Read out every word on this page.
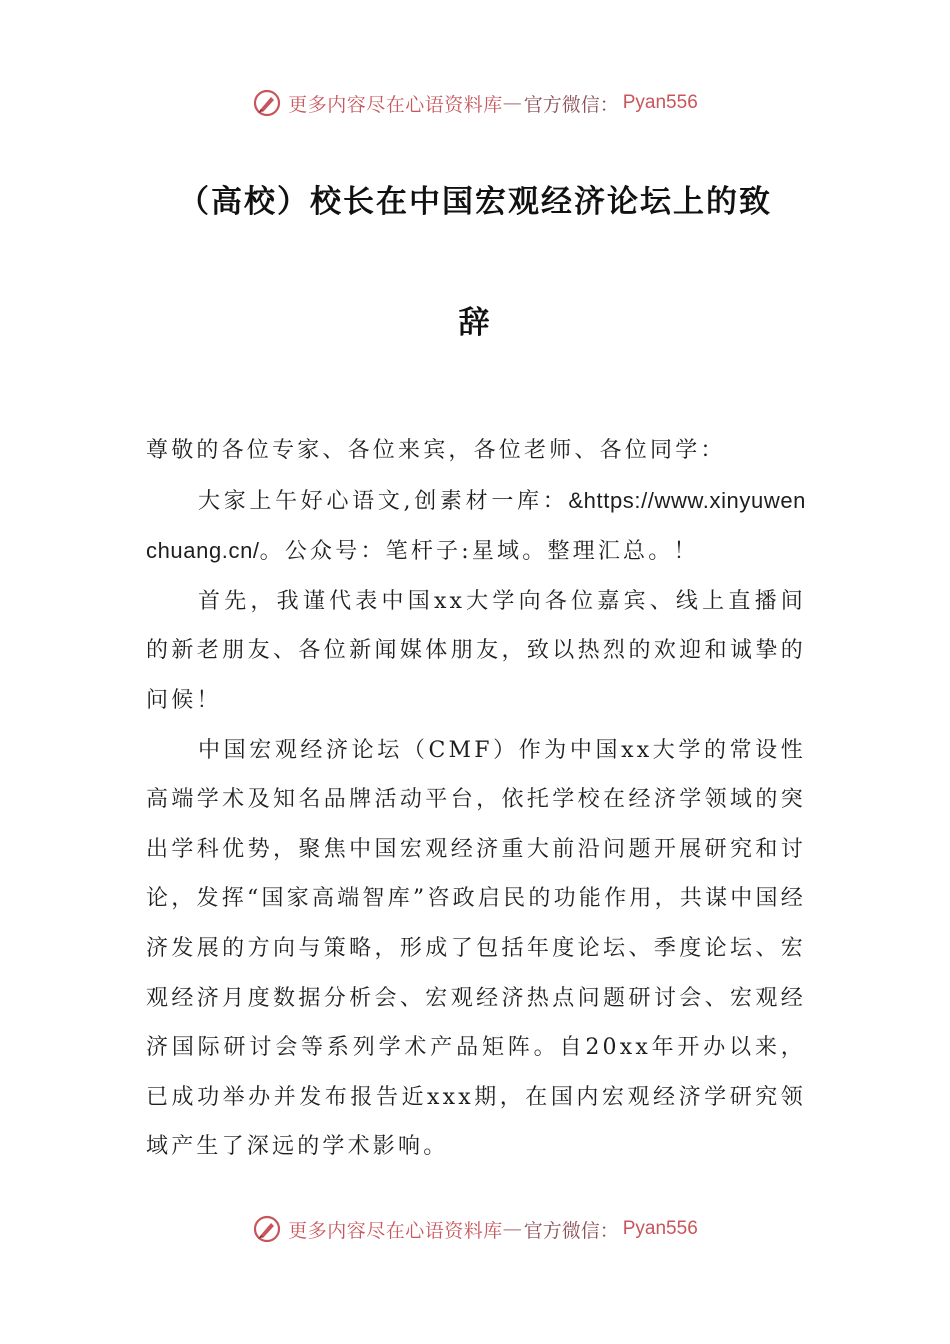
更多内容尽在心语资料库 — 官方微信： Pyan556
（高校）校长在中国宏观经济论坛上的致
辞

尊敬的各位专家、各位来宾，各位老师、各位同学：

大家上午好心语文,创素材一库：&https://www.xinyuwenchuang.cn/。公众号：笔杆子:星域。整理汇总。！

首先，我谨代表中国xx大学向各位嘉宾、线上直播间的新老朋友、各位新闻媒体朋友，致以热烈的欢迎和诚挚的问候！

中国宏观经济论坛（CMF）作为中国xx大学的常设性高端学术及知名品牌活动平台，依托学校在经济学领域的突出学科优势，聚焦中国宏观经济重大前沿问题开展研究和讨论，发挥“国家高端智库”咨政启民的功能作用，共谋中国经济发展的方向与策略，形成了包括年度论坛、季度论坛、宏观经济月度数据分析会、宏观经济热点问题研讨会、宏观经济国际研讨会等系列学术产品矩阵。自20xx年开办以来，已成功举办并发布报告近xxx期，在国内宏观经济学研究领域产生了深远的学术影响。

更多内容尽在心语资料库 — 官方微信： Pyan556
